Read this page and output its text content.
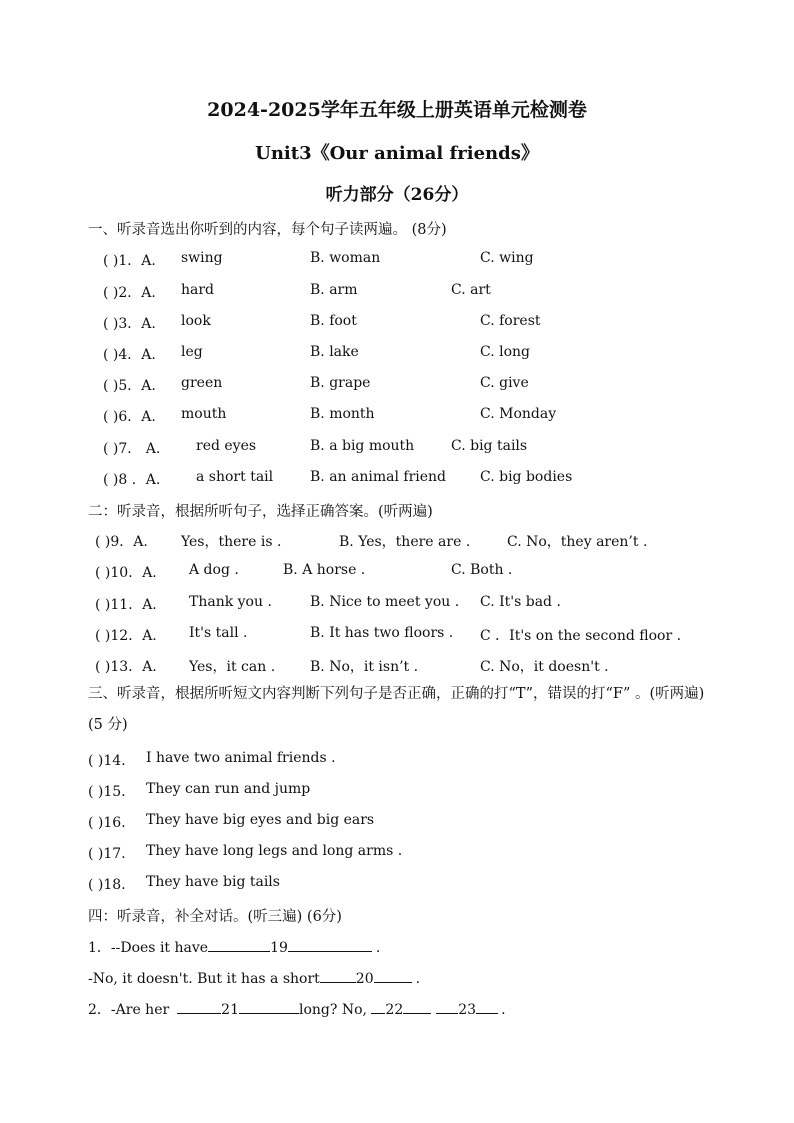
2024-2025学年五年级上册英语单元检测卷
Unit3《Our animal friends》
听力部分（26分）
一、听录音选出你听到的内容，每个句子读两遍。 (8分)
( )1．A. swing	B. woman	C. wing
( )2．A. hard	B. arm	C. art
( )3．A. look	B. foot	C. forest
( )4．A. leg	B. lake	C. long
( )5．A. green	B. grape	C. give
( )6．A. mouth	B. month	C. Monday
( )7． A.	red eyes	B. a big mouth	C. big tails
( )8 ．A.	a short tail	B. an animal friend C. big bodies
二：听录音，根据所听句子，选择正确答案。(听两遍)
( )9．A. Yes，there is .	B. Yes，there are .	C. No，they aren’t .
( )10．A. A dog .	B. A horse .	C. Both .
( )11．A. Thank you .	B. Nice to meet you . C. It's bad .
( )12．A. It's tall .	B. It has two floors . C ．It's on the second floor .
( )13．A. Yes，it can . B. No，it isn’t .	C. No，it doesn't .
三、听录音，根据所听短文内容判断下列句子是否正确，正确的打“T”，错误的打“F” 。(听两遍) (5 分)
( )14． I have two animal friends .
( )15． They can run and jump
( )16． They have big eyes and big ears
( )17． They have long legs and long arms .
( )18． They have big tails
四：听录音，补全对话。(听三遍) (6分)
1．--Does it have	19	.
-No, it doesn't. But it has a short	20	.
2．-Are her	21	long? No, 22	23 .
